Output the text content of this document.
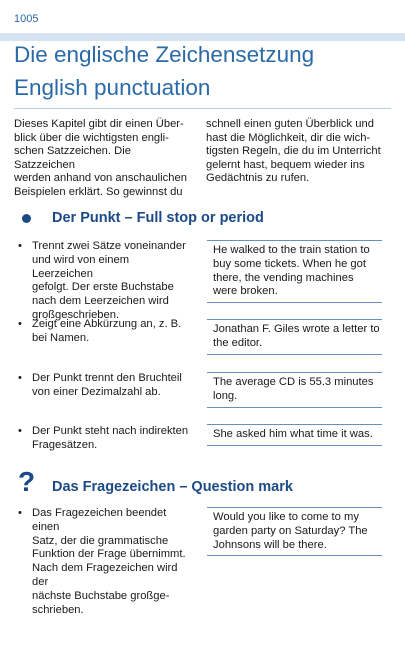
1005
Die englische Zeichensetzung
English punctuation
Dieses Kapitel gibt dir einen Über-
blick über die wichtigsten engli-
schen Satzzeichen. Die Satzzeichen
werden anhand von anschaulichen
Beispielen erklärt. So gewinnst du
schnell einen guten Überblick und
hast die Möglichkeit, dir die wich-
tigsten Regeln, die du im Unterricht
gelernt hast, bequem wieder ins
Gedächtnis zu rufen.
Der Punkt – Full stop or period
• Trennt zwei Sätze voneinander
und wird von einem Leerzeichen
gefolgt. Der erste Buchstabe
nach dem Leerzeichen wird
großgeschrieben.
He walked to the train station to
buy some tickets. When he got
there, the vending machines
were broken.
• Zeigt eine Abkürzung an, z. B.
bei Namen.
Jonathan F. Giles wrote a letter to
the editor.
• Der Punkt trennt den Bruchteil
von einer Dezimalzahl ab.
The average CD is 55.3 minutes
long.
• Der Punkt steht nach indirekten
Fragesätzen.
She asked him what time it was.
? Das Fragezeichen – Question mark
• Das Fragezeichen beendet einen
Satz, der die grammatische
Funktion der Frage übernimmt.
Nach dem Fragezeichen wird der
nächste Buchstabe großge-
schrieben.
Would you like to come to my
garden party on Saturday? The
Johnsons will be there.
